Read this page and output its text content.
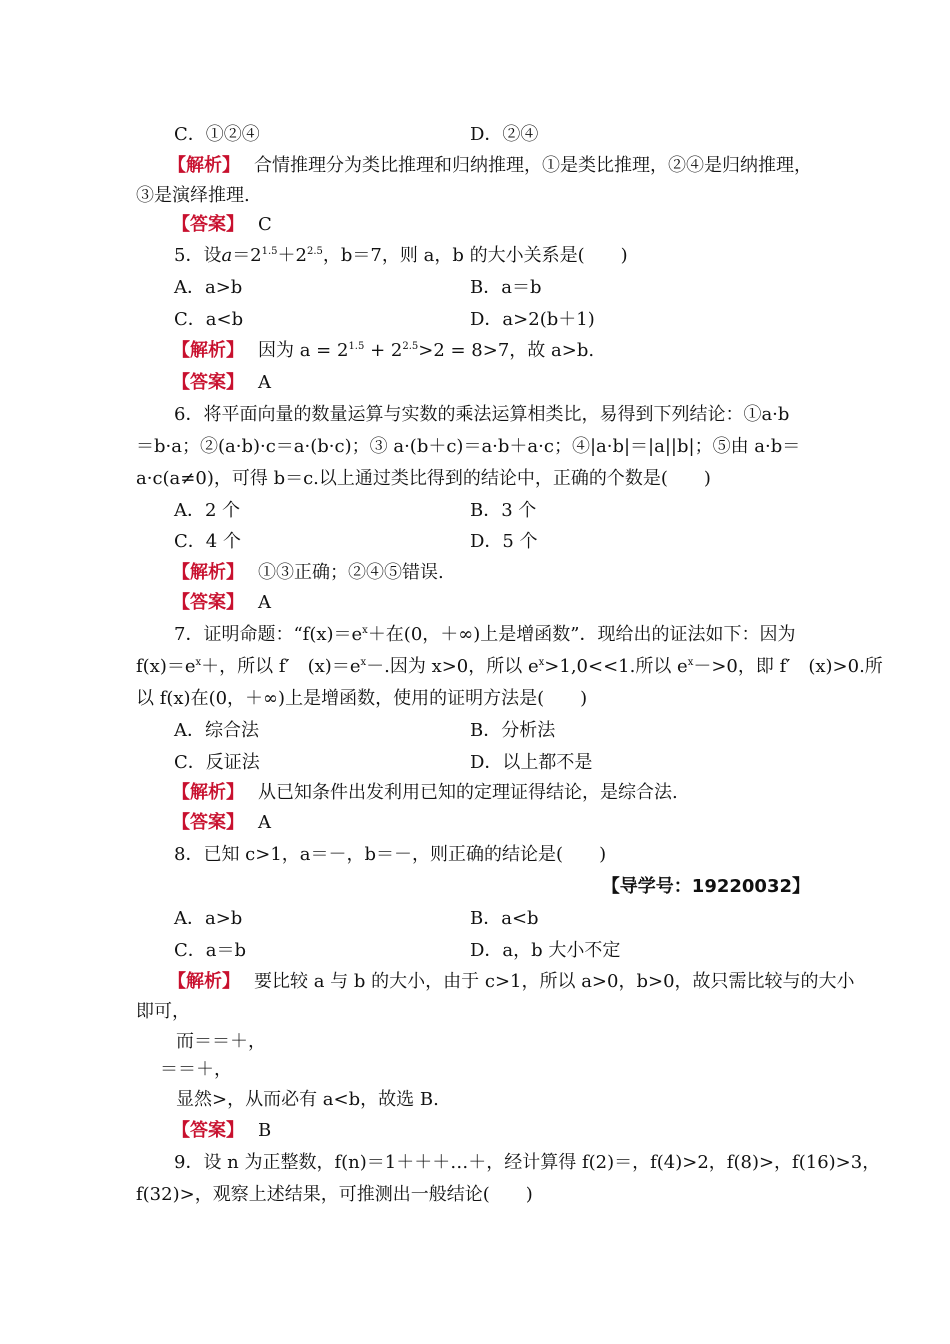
C．①②④	D．②④
【解析】 合情推理分为类比推理和归纳推理，①是类比推理，②④是归纳推理，
③是演绎推理.
【答案】 C
5．设$a=2^{1.5}+2^{2.5}$，b＝7，则 a，b 的大小关系是(　　)
A．a>b	B．a＝b
C．a<b	D．a>2(b＋1)
【解析】 因为 $a = 2^{1.5} + 2^{2.5}>2 = 8>7$，故 a>b.
【答案】 A
6．将平面向量的数量运算与实数的乘法运算相类比，易得到下列结论：①a·b
＝b·a；②(a·b)·c＝a·(b·c)；③ a·(b＋c)＝a·b＋a·c；④|a·b|＝|a||b|；⑤由 a·b＝
a·c(a≠0)，可得 b＝c.以上通过类比得到的结论中，正确的个数是(　　)
A．2 个	B．3 个
C．4 个	D．5 个
【解析】 ①③正确；②④⑤错误.
【答案】 A
7．证明命题：“$f(x)=e^x+$在(0，＋∞)上是增函数”．现给出的证法如下：因为
$f(x)=e^x+$，所以 f′　$(x)=e^x-$.因为 x>0，所以 $e^x>1,0<<1$.所以 $e^x->0$，即 f′　(x)>0.所
以 f(x)在(0，＋∞)上是增函数，使用的证明方法是(　　)
A．综合法	B．分析法
C．反证法	D．以上都不是
【解析】 从已知条件出发利用已知的定理证得结论，是综合法.
【答案】 A
8．已知 c>1，a＝－，b＝－，则正确的结论是(　　)
【导学号：19220032】
A．a>b	B．a<b
C．a＝b	D．a，b 大小不定
【解析】 要比较 a 与 b 的大小，由于 c>1，所以 a>0，b>0，故只需比较与的大小
即可，
而＝＝＋，
＝＝＋，
显然>，从而必有 a<b，故选 B.
【答案】 B
9．设 n 为正整数，f(n)＝1＋＋＋…＋，经计算得 f(2)＝，f(4)>2，f(8)>，f(16)>3，
f(32)>，观察上述结果，可推测出一般结论(　　)
